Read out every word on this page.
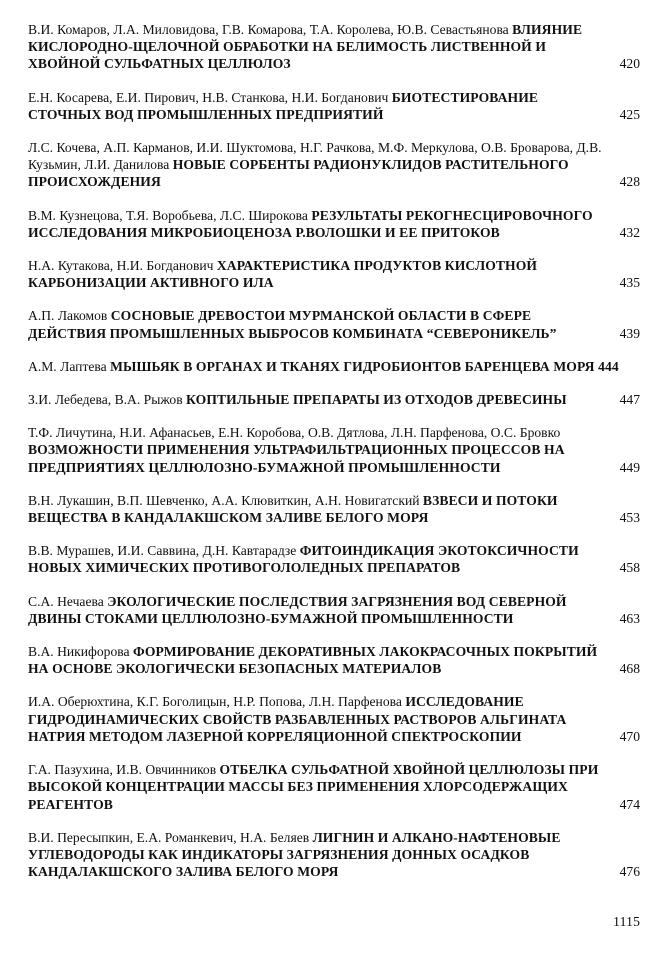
В.И. Комаров, Л.А. Миловидова, Г.В. Комарова, Т.А. Королева, Ю.В. Севастьянова ВЛИЯНИЕ КИСЛОРОДНО-ЩЕЛОЧНОЙ ОБРАБОТКИ НА БЕЛИМОСТЬ ЛИСТВЕННОЙ И ХВОЙНОЙ СУЛЬФАТНЫХ ЦЕЛЛЮЛОЗ	420
Е.Н. Косарева, Е.И. Пирович, Н.В. Станкова, Н.И. Богданович БИОТЕСТИРОВАНИЕ СТОЧНЫХ ВОД ПРОМЫШЛЕННЫХ ПРЕДПРИЯТИЙ	425
Л.С. Кочева, А.П. Карманов, И.И. Шуктомова, Н.Г. Рачкова, М.Ф. Меркулова, О.В. Броварова, Д.В. Кузьмин, Л.И. Данилова НОВЫЕ СОРБЕНТЫ РАДИОНУКЛИДОВ РАСТИТЕЛЬНОГО ПРОИСХОЖДЕНИЯ	428
В.М. Кузнецова, Т.Я. Воробьева, Л.С. Широкова РЕЗУЛЬТАТЫ РЕКОГНЕСЦИРОВОЧНОГО ИССЛЕДОВАНИЯ МИКРОБИОЦЕНОЗА Р.ВОЛОШКИ И ЕЕ ПРИТОКОВ	432
Н.А. Кутакова, Н.И. Богданович ХАРАКТЕРИСТИКА ПРОДУКТОВ КИСЛОТНОЙ КАРБОНИЗАЦИИ АКТИВНОГО ИЛА	435
А.П. Лакомов СОСНОВЫЕ ДРЕВОСТОИ МУРМАНСКОЙ ОБЛАСТИ В СФЕРЕ ДЕЙСТВИЯ ПРОМЫШЛЕННЫХ ВЫБРОСОВ КОМБИНАТА “СЕВЕРОНИКЕЛЬ”	439
А.М. Лаптева МЫШЬЯК В ОРГАНАХ И ТКАНЯХ ГИДРОБИОНТОВ БАРЕНЦЕВА МОРЯ 444
З.И. Лебедева, В.А. Рыжов КОПТИЛЬНЫЕ ПРЕПАРАТЫ ИЗ ОТХОДОВ ДРЕВЕСИНЫ	447
Т.Ф. Личутина, Н.И. Афанасьев, Е.Н. Коробова, О.В. Дятлова, Л.Н. Парфенова, О.С. Бровко ВОЗМОЖНОСТИ ПРИМЕНЕНИЯ УЛЬТРАФИЛЬТРАЦИОННЫХ ПРОЦЕССОВ НА ПРЕДПРИЯТИЯХ ЦЕЛЛЮЛОЗНО-БУМАЖНОЙ ПРОМЫШЛЕННОСТИ	449
В.Н. Лукашин, В.П. Шевченко, А.А. Клювиткин, А.Н. Новигатский ВЗВЕСИ И ПОТОКИ ВЕЩЕСТВА В КАНДАЛАКШСКОМ ЗАЛИВЕ БЕЛОГО МОРЯ	453
В.В. Мурашев, И.И. Саввина, Д.Н. Кавтарадзе ФИТОИНДИКАЦИЯ ЭКОТОКСИЧНОСТИ НОВЫХ ХИМИЧЕСКИХ ПРОТИВОГОЛОЛЕДНЫХ ПРЕПАРАТОВ	458
С.А. Нечаева ЭКОЛОГИЧЕСКИЕ ПОСЛЕДСТВИЯ ЗАГРЯЗНЕНИЯ ВОД СЕВЕРНОЙ ДВИНЫ СТОКАМИ ЦЕЛЛЮЛОЗНО-БУМАЖНОЙ ПРОМЫШЛЕННОСТИ	463
В.А. Никифорова ФОРМИРОВАНИЕ ДЕКОРАТИВНЫХ ЛАКОКРАСОЧНЫХ ПОКРЫТИЙ НА ОСНОВЕ ЭКОЛОГИЧЕСКИ БЕЗОПАСНЫХ МАТЕРИАЛОВ	468
И.А. Оберюхтина, К.Г. Боголицын, Н.Р. Попова, Л.Н. Парфенова ИССЛЕДОВАНИЕ ГИДРОДИНАМИЧЕСКИХ СВОЙСТВ РАЗБАВЛЕННЫХ РАСТВОРОВ АЛЬГИНАТА НАТРИЯ МЕТОДОМ ЛАЗЕРНОЙ КОРРЕЛЯЦИОННОЙ СПЕКТРОСКОПИИ	470
Г.А. Пазухина, И.В. Овчинников ОТБЕЛКА СУЛЬФАТНОЙ ХВОЙНОЙ ЦЕЛЛЮЛОЗЫ ПРИ ВЫСОКОЙ КОНЦЕНТРАЦИИ МАССЫ БЕЗ ПРИМЕНЕНИЯ ХЛОРСОДЕРЖАЩИХ РЕАГЕНТОВ	474
В.И. Пересыпкин, Е.А. Романкевич, Н.А. Беляев ЛИГНИН И АЛКАНО-НАФТЕНОВЫЕ УГЛЕВОДОРОДЫ КАК ИНДИКАТОРЫ ЗАГРЯЗНЕНИЯ ДОННЫХ ОСАДКОВ КАНДАЛАКШСКОГО ЗАЛИВА БЕЛОГО МОРЯ	476
1115
